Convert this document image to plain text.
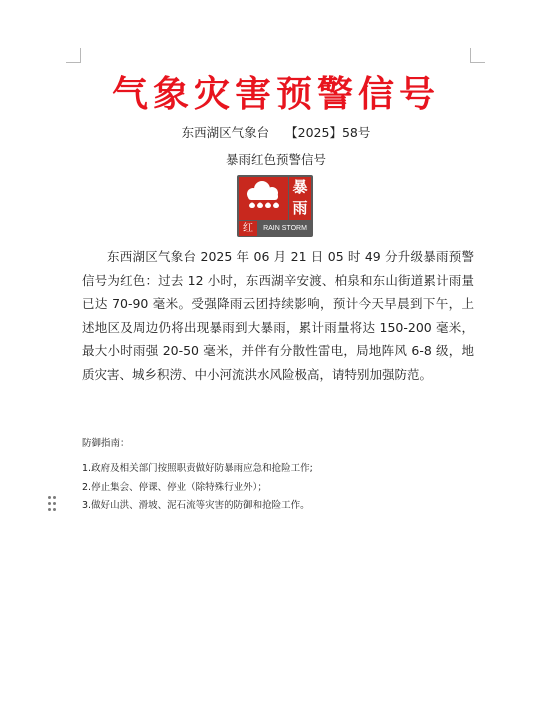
气象灾害预警信号
东西湖区气象台 【2025】58号
暴雨红色预警信号
暴
雨
红	RAIN STORM
东西湖区气象台 2025 年 06 月 21 日 05 时 49 分升级暴雨预警信号为红色：过去 12 小时，东西湖辛安渡、柏泉和东山街道累计雨量已达 70-90 毫米。受强降雨云团持续影响，预计今天早晨到下午，上述地区及周边仍将出现暴雨到大暴雨，累计雨量将达 150-200 毫米，最大小时雨强 20-50 毫米，并伴有分散性雷电，局地阵风 6-8 级，地质灾害、城乡积涝、中小河流洪水风险极高，请特别加强防范。
防御指南：
1.政府及相关部门按照职责做好防暴雨应急和抢险工作;
2.停止集会、停课、停业（除特殊行业外）；
3.做好山洪、滑坡、泥石流等灾害的防御和抢险工作。
